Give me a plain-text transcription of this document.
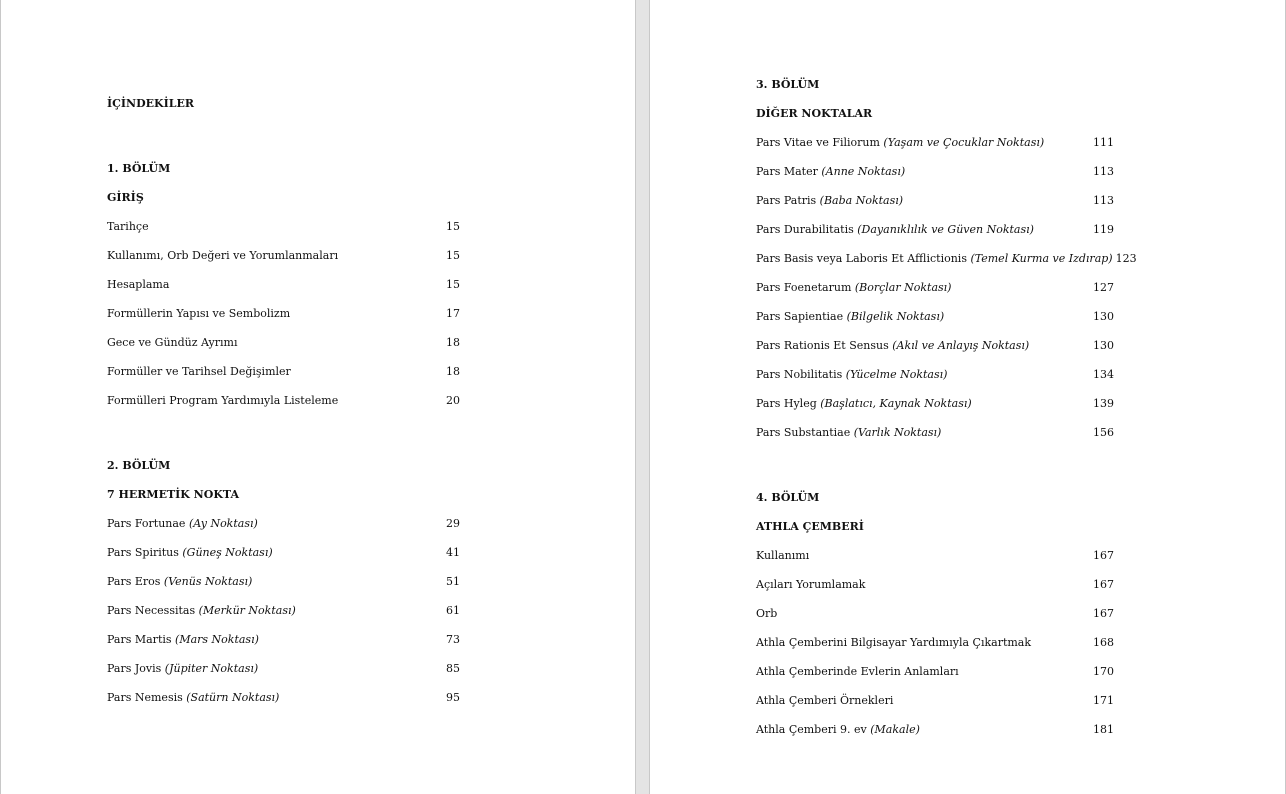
İÇİNDEKİLER
1. BÖLÜM
GİRİŞ
Tarihçe	15
Kullanımı, Orb Değeri ve Yorumlanmaları	15
Hesaplama	15
Formüllerin Yapısı ve Sembolizm	17
Gece ve Gündüz Ayrımı	18
Formüller ve Tarihsel Değişimler	18
Formülleri Program Yardımıyla Listeleme	20
2. BÖLÜM
7 HERMETİK NOKTA
Pars Fortunae (Ay Noktası)	29
Pars Spiritus (Güneş Noktası)	41
Pars Eros (Venüs Noktası)	51
Pars Necessitas (Merkür Noktası)	61
Pars Martis (Mars Noktası)	73
Pars Jovis (Jüpiter Noktası)	85
Pars Nemesis (Satürn Noktası)	95
3. BÖLÜM
DİĞER NOKTALAR
Pars Vitae ve Filiorum (Yaşam ve Çocuklar Noktası)	111
Pars Mater (Anne Noktası)	113
Pars Patris (Baba Noktası)	113
Pars Durabilitatis (Dayanıklılık ve Güven Noktası)	119
Pars Basis veya Laboris Et Afflictionis (Temel Kurma ve Izdırap) 123
Pars Foenetarum (Borçlar Noktası)	127
Pars Sapientiae (Bilgelik Noktası)	130
Pars Rationis Et Sensus (Akıl ve Anlayış Noktası)	130
Pars Nobilitatis (Yücelme Noktası)	134
Pars Hyleg (Başlatıcı, Kaynak Noktası)	139
Pars Substantiae (Varlık Noktası)	156
4. BÖLÜM
ATHLA ÇEMBERİ
Kullanımı	167
Açıları Yorumlamak	167
Orb	167
Athla Çemberini Bilgisayar Yardımıyla Çıkartmak	168
Athla Çemberinde Evlerin Anlamları	170
Athla Çemberi Örnekleri	171
Athla Çemberi 9. ev (Makale)	181
